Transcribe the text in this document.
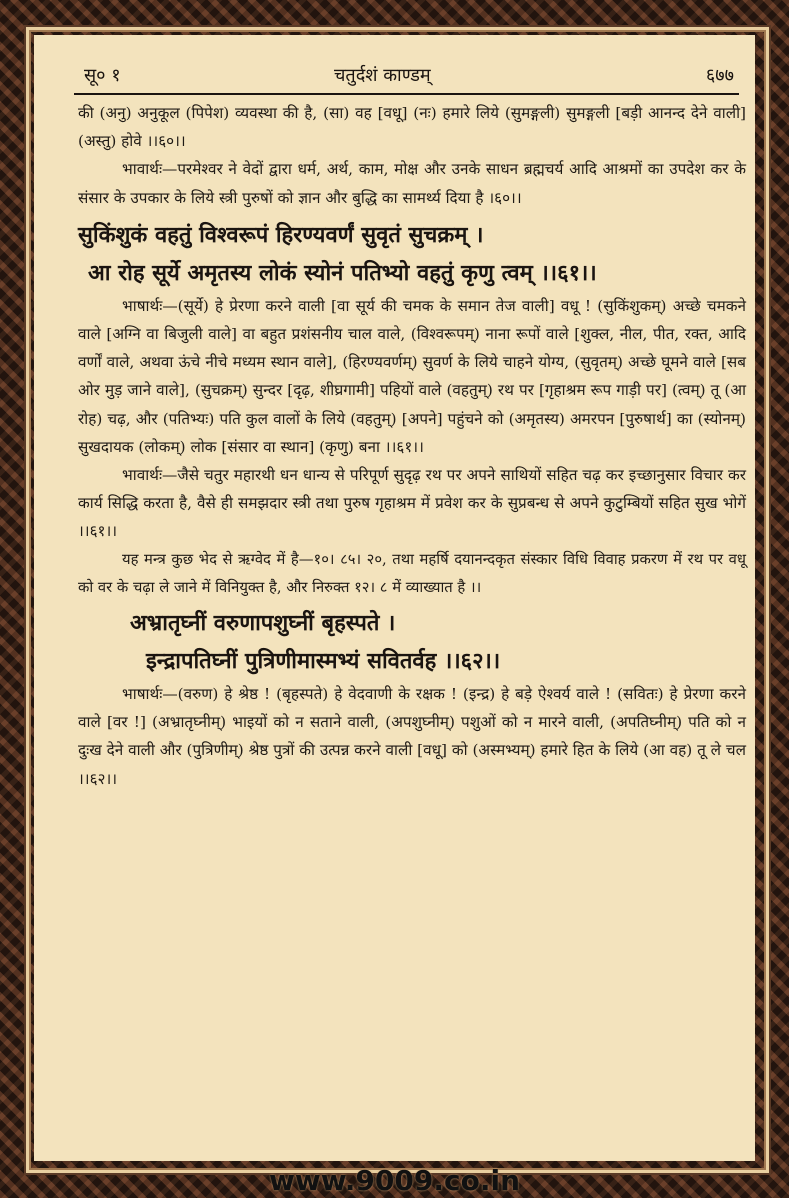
सू० १	चतुर्दशं काण्डम्	६७७

की (अनु) अनुकूल (पिपेश) व्यवस्था की है, (सा) वह [वधू] (नः) हमारे लिये (सुमङ्गली) सुमङ्गली [बड़ी आनन्द देने वाली] (अस्तु) होवे ।।६०।।

भावार्थः—परमेश्वर ने वेदों द्वारा धर्म, अर्थ, काम, मोक्ष और उनके साधन ब्रह्मचर्य आदि आश्रमों का उपदेश कर के संसार के उपकार के लिये स्त्री पुरुषों को ज्ञान और बुद्धि का सामर्थ्य दिया है ।६०।।

सुकिंशुकं वहतुं विश्वरूपं हिरण्यवर्णं सुवृतं सुचक्रम् ।

आ रोह सूर्ये अमृतस्य लोकं स्योनं पतिभ्यो वहतुं कृणु त्वम् ।।६१।।

भाषार्थः—(सूर्ये) हे प्रेरणा करने वाली [वा सूर्य की चमक के समान तेज वाली] वधू ! (सुकिंशुकम्) अच्छे चमकने वाले [अग्नि वा बिजुली वाले] वा बहुत प्रशंसनीय चाल वाले, (विश्वरूपम्) नाना रूपों वाले [शुक्ल, नील, पीत, रक्त, आदि वर्णों वाले, अथवा ऊंचे नीचे मध्यम स्थान वाले], (हिरण्यवर्णम्) सुवर्ण के लिये चाहने योग्य, (सुवृतम्) अच्छे घूमने वाले [सब ओर मुड़ जाने वाले], (सुचक्रम्) सुन्दर [दृढ़, शीघ्रगामी] पहियों वाले (वहतुम्) रथ पर [गृहाश्रम रूप गाड़ी पर] (त्वम्) तू (आ रोह) चढ़, और (पतिभ्यः) पति कुल वालों के लिये (वहतुम्) [अपने] पहुंचने को (अमृतस्य) अमरपन [पुरुषार्थ] का (स्योनम्) सुखदायक (लोकम्) लोक [संसार वा स्थान] (कृणु) बना ।।६१।।

भावार्थः—जैसे चतुर महारथी धन धान्य से परिपूर्ण सुदृढ़ रथ पर अपने साथियों सहित चढ़ कर इच्छानुसार विचार कर कार्य सिद्धि करता है, वैसे ही समझदार स्त्री तथा पुरुष गृहाश्रम में प्रवेश कर के सुप्रबन्ध से अपने कुटुम्बियों सहित सुख भोगें ।।६१।।

यह मन्त्र कुछ भेद से ऋग्वेद में है—१०। ८५। २०, तथा महर्षि दयानन्दकृत संस्कार विधि विवाह प्रकरण में रथ पर वधू को वर के चढ़ा ले जाने में विनियुक्त है, और निरुक्त १२। ८ में व्याख्यात है ।।

अभ्रातृघ्नीं वरुणापशुघ्नीं बृहस्पते ।

इन्द्रापतिघ्नीं पुत्रिणीमास्मभ्यं सवितर्वह ।।६२।।

भाषार्थः—(वरुण) हे श्रेष्ठ ! (बृहस्पते) हे वेदवाणी के रक्षक ! (इन्द्र) हे बड़े ऐश्वर्य वाले ! (सवितः) हे प्रेरणा करने वाले [वर !] (अभ्रातृघ्नीम्) भाइयों को न सताने वाली, (अपशुघ्नीम्) पशुओं को न मारने वाली, (अपतिघ्नीम्) पति को न दुःख देने वाली और (पुत्रिणीम्) श्रेष्ठ पुत्रों की उत्पन्न करने वाली [वधू] को (अस्मभ्यम्) हमारे हित के लिये (आ वह) तू ले चल ।।६२।।

www.9009.co.in
